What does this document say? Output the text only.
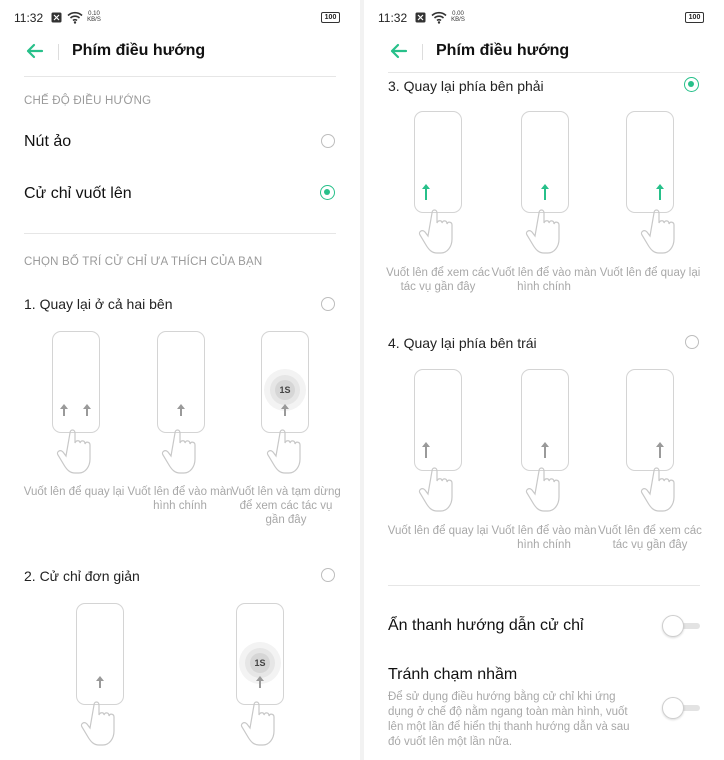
11:32	0.10
KB/S	100
Phím điều hướng
CHẾ ĐỘ ĐIỀU HƯỚNG
Nút ảo
Cử chỉ vuốt lên
CHỌN BỐ TRÍ CỬ CHỈ ƯA THÍCH CỦA BẠN
1. Quay lại ở cả hai bên
Vuốt lên để quay lại Vuốt lên để vào màn hình chính
1S
Vuốt lên và tạm dừng để xem các tác vụ gần đây
2. Cử chỉ đơn giản
1S
11:32	0.00
KB/S	100
Phím điều hướng
3. Quay lại phía bên phải
Vuốt lên để xem các tác vụ gần đây
Vuốt lên để vào màn hình chính
Vuốt lên để quay lại
4. Quay lại phía bên trái
Vuốt lên để quay lại Vuốt lên để vào màn hình chính
Vuốt lên để xem các tác vụ gần đây
Ẩn thanh hướng dẫn cử chỉ
Tránh chạm nhầm
Để sử dụng điều hướng bằng cử chỉ khi ứng dụng ở chế độ nằm ngang toàn màn hình, vuốt lên một lần để hiển thị thanh hướng dẫn và sau đó vuốt lên một lần nữa.
